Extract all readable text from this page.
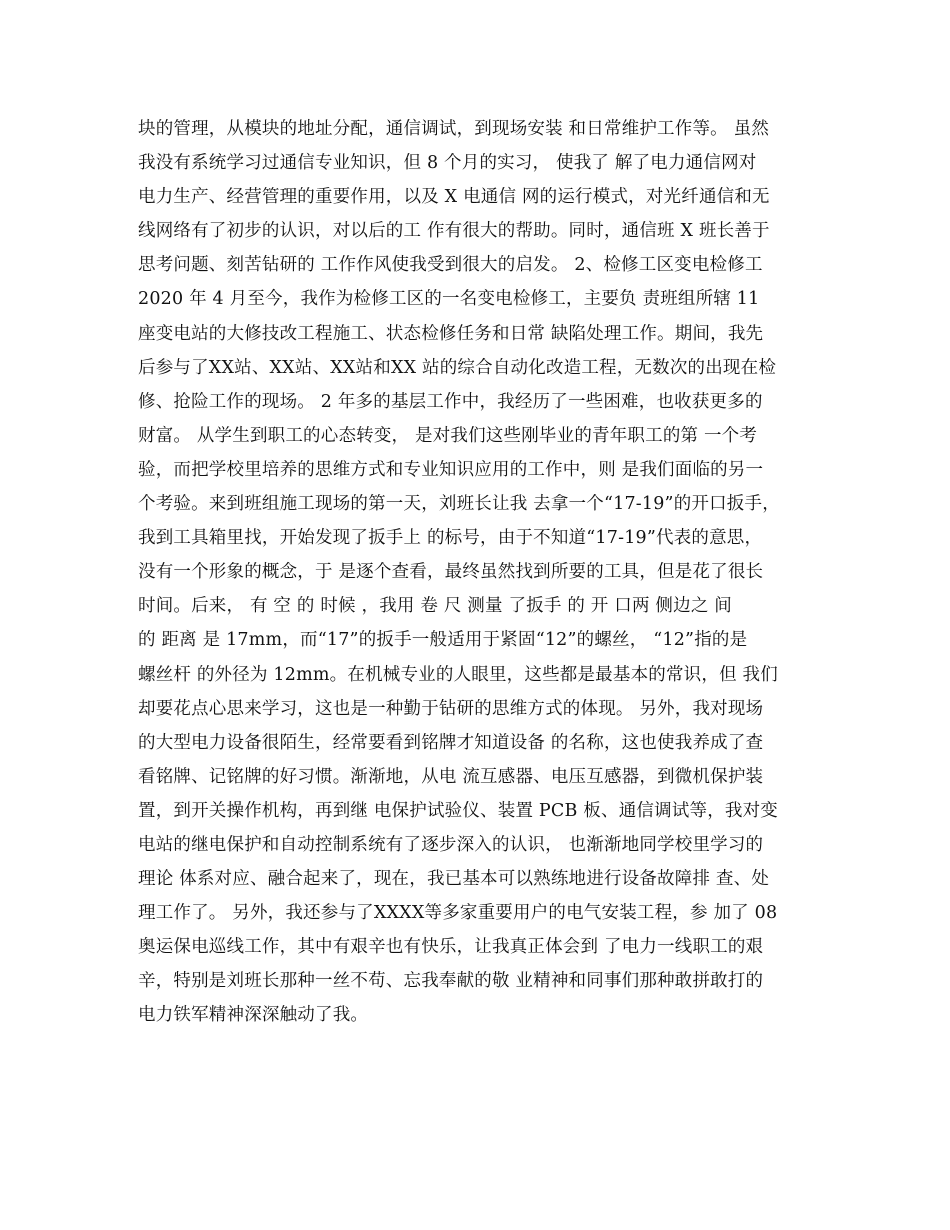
块的管理，从模块的地址分配，通信调试，到现场安装 和日常维护工作等。 虽然
我没有系统学习过通信专业知识，但 8 个月的实习， 使我了 解了电力通信网对
电力生产、经营管理的重要作用，以及 X 电通信 网的运行模式，对光纤通信和无
线网络有了初步的认识，对以后的工 作有很大的帮助。同时，通信班 X 班长善于
思考问题、刻苦钻研的 工作作风使我受到很大的启发。 2、检修工区变电检修工
2020 年 4 月至今，我作为检修工区的一名变电检修工，主要负 责班组所辖 11
座变电站的大修技改工程施工、状态检修任务和日常 缺陷处理工作。期间，我先
后参与了XX站、XX站、XX站和XX 站的综合自动化改造工程，无数次的出现在检
修、抢险工作的现场。 2 年多的基层工作中，我经历了一些困难，也收获更多的
财富。 从学生到职工的心态转变， 是对我们这些刚毕业的青年职工的第 一个考
验，而把学校里培养的思维方式和专业知识应用的工作中，则 是我们面临的另一
个考验。来到班组施工现场的第一天，刘班长让我 去拿一个“17-19”的开口扳手，
我到工具箱里找，开始发现了扳手上 的标号，由于不知道“17-19”代表的意思，
没有一个形象的概念，于 是逐个查看，最终虽然找到所要的工具，但是花了很长
时间。后来， 有 空 的 时候 ，我用 卷 尺 测量 了扳手 的 开 口两 侧边之 间
的 距离 是 17mm，而“17”的扳手一般适用于紧固“12”的螺丝， “12”指的是
螺丝杆 的外径为 12mm。在机械专业的人眼里，这些都是最基本的常识，但 我们
却要花点心思来学习，这也是一种勤于钻研的思维方式的体现。 另外，我对现场
的大型电力设备很陌生，经常要看到铭牌才知道设备 的名称，这也使我养成了查
看铭牌、记铭牌的好习惯。渐渐地，从电 流互感器、电压互感器，到微机保护装
置，到开关操作机构，再到继 电保护试验仪、装置 PCB 板、通信调试等，我对变
电站的继电保护和自动控制系统有了逐步深入的认识， 也渐渐地同学校里学习的
理论 体系对应、融合起来了，现在，我已基本可以熟练地进行设备故障排 查、处
理工作了。 另外，我还参与了XXXX等多家重要用户的电气安装工程，参 加了 08
奥运保电巡线工作，其中有艰辛也有快乐，让我真正体会到 了电力一线职工的艰
辛，特别是刘班长那种一丝不苟、忘我奉献的敬 业精神和同事们那种敢拼敢打的
电力铁军精神深深触动了我。
